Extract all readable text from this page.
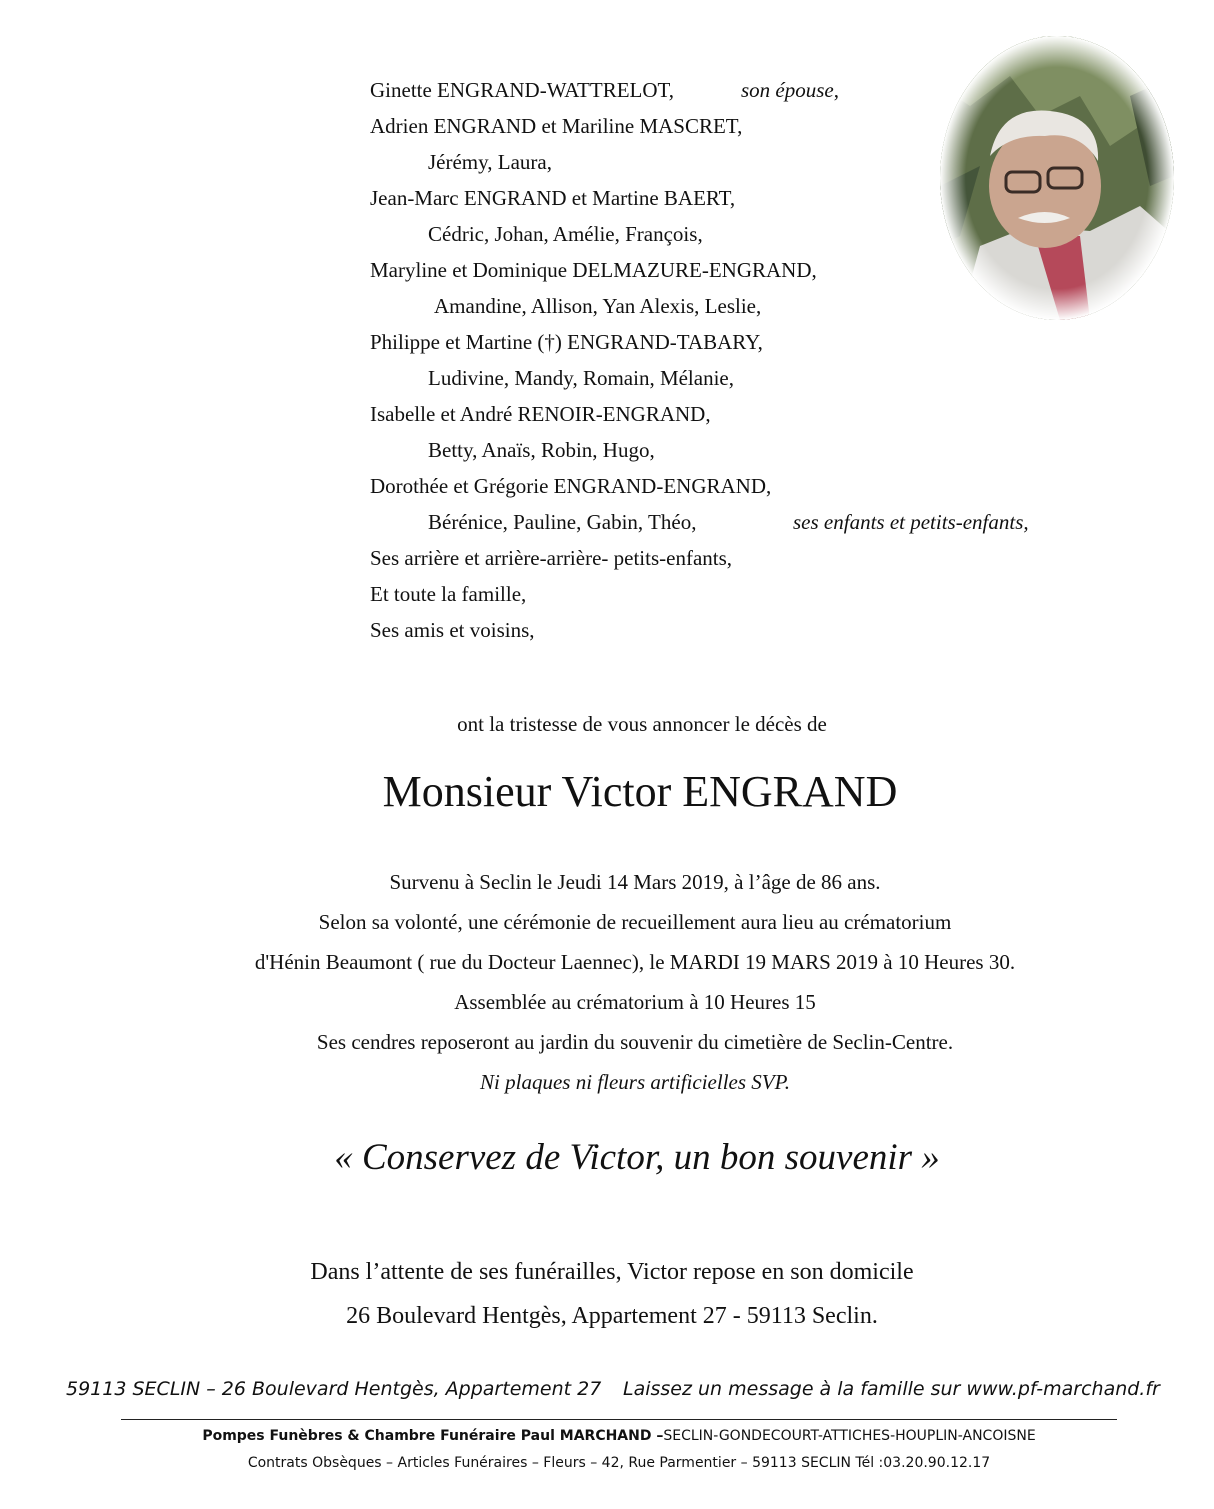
Ginette ENGRAND-WATTRELOT,	son épouse,
Adrien ENGRAND et Mariline MASCRET,
Jérémy, Laura,
Jean-Marc ENGRAND et Martine BAERT,
Cédric, Johan, Amélie, François,
Maryline et Dominique DELMAZURE-ENGRAND,
Amandine, Allison, Yan Alexis, Leslie,
Philippe et Martine (†) ENGRAND-TABARY,
Ludivine, Mandy, Romain, Mélanie,
Isabelle et André RENOIR-ENGRAND,
Betty, Anaïs, Robin, Hugo,
Dorothée et Grégorie ENGRAND-ENGRAND,
Bérénice, Pauline, Gabin, Théo,	ses enfants et petits-enfants,
Ses arrière et arrière-arrière- petits-enfants,
Et toute la famille,
Ses amis et voisins,
ont la tristesse de vous annoncer le décès de
Monsieur Victor ENGRAND
Survenu à Seclin le Jeudi 14 Mars 2019, à l’âge de 86 ans.
Selon sa volonté, une cérémonie de recueillement aura lieu au crématorium
d'Hénin Beaumont ( rue du Docteur Laennec), le MARDI 19 MARS 2019 à 10 Heures 30.
Assemblée au crématorium à 10 Heures 15
Ses cendres reposeront au jardin du souvenir du cimetière de Seclin-Centre.
Ni plaques ni fleurs artificielles SVP.
« Conservez de Victor, un bon souvenir »
Dans l’attente de ses funérailles, Victor repose en son domicile
26 Boulevard Hentgès, Appartement 27 - 59113 Seclin.
59113 SECLIN – 26 Boulevard Hentgès, Appartement 27 Laissez un message à la famille sur www.pf-marchand.fr
Pompes Funèbres & Chambre Funéraire Paul MARCHAND –SECLIN-GONDECOURT-ATTICHES-HOUPLIN-ANCOISNE
Contrats Obsèques – Articles Funéraires – Fleurs – 42, Rue Parmentier – 59113 SECLIN Tél :03.20.90.12.17
